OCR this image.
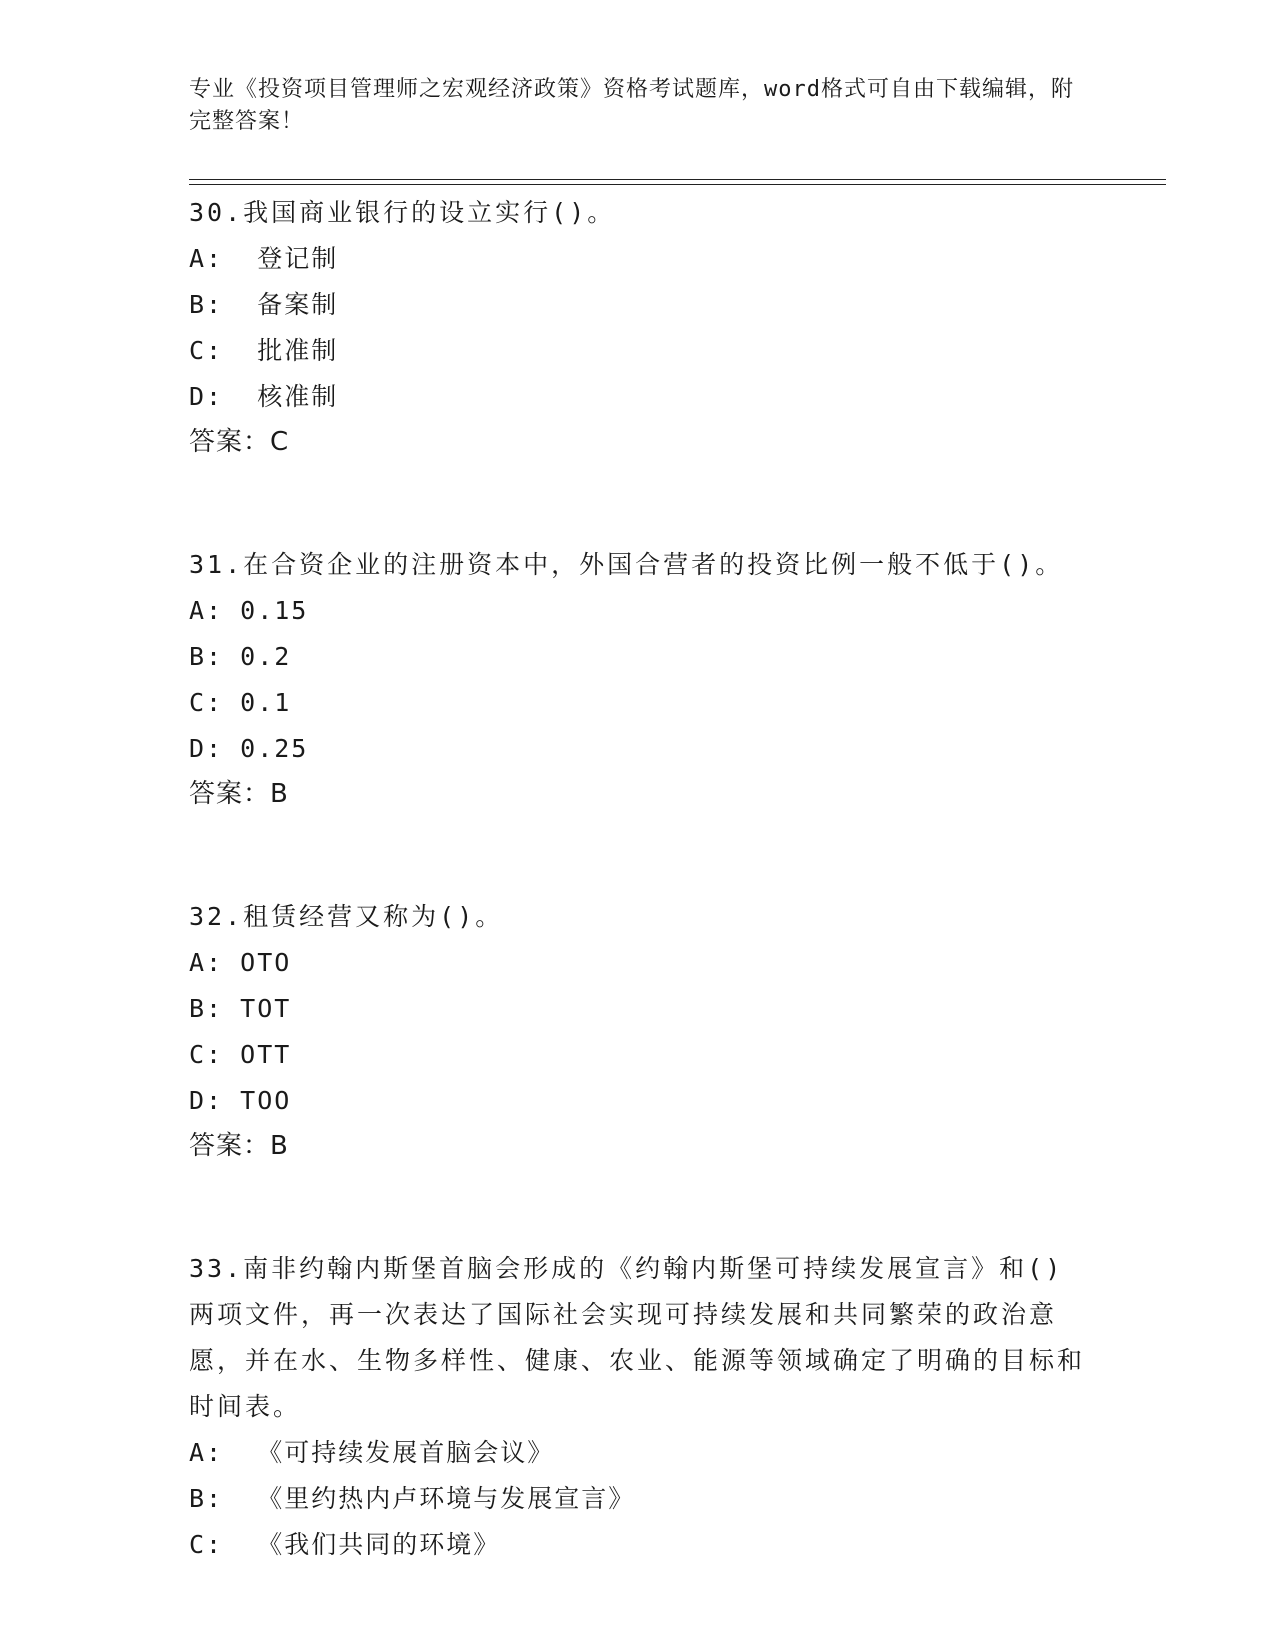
专业《投资项目管理师之宏观经济政策》资格考试题库，word格式可自由下载编辑，附完整答案！

30.我国商业银行的设立实行()。

A:  登记制

B:  备案制

C:  批准制

D:  核准制

答案：C

31.在合资企业的注册资本中，外国合营者的投资比例一般不低于()。

A: 0.15

B: 0.2

C: 0.1

D: 0.25

答案：B

32.租赁经营又称为()。

A: OTO

B: TOT

C: OTT

D: TOO

答案：B

33.南非约翰内斯堡首脑会形成的《约翰内斯堡可持续发展宣言》和()两项文件，再一次表达了国际社会实现可持续发展和共同繁荣的政治意愿，并在水、生物多样性、健康、农业、能源等领域确定了明确的目标和时间表。

A:  《可持续发展首脑会议》

B:  《里约热内卢环境与发展宣言》

C:  《我们共同的环境》
